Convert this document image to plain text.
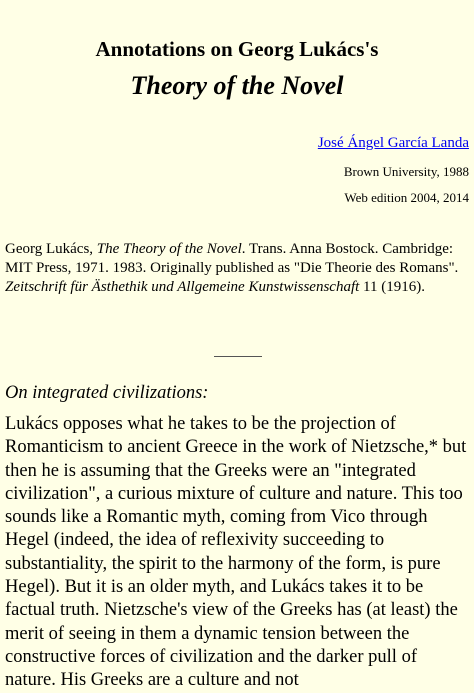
Annotations on Georg Lukács's
Theory of the Novel
José Ángel García Landa
Brown University, 1988
Web edition 2004, 2014
Georg Lukács, The Theory of the Novel. Trans. Anna Bostock. Cambridge: MIT Press, 1971. 1983. Originally published as "Die Theorie des Romans". Zeitschrift für Ästhethik und Allgemeine Kunstwissenschaft 11 (1916).
On integrated civilizations:
Lukács opposes what he takes to be the projection of Romanticism to ancient Greece in the work of Nietzsche,* but then he is assuming that the Greeks were an "integrated civilization", a curious mixture of culture and nature. This too sounds like a Romantic myth, coming from Vico through Hegel (indeed, the idea of reflexivity succeeding to substantiality, the spirit to the harmony of the form, is pure Hegel). But it is an older myth, and Lukács takes it to be factual truth. Nietzsche's view of the Greeks has (at least) the merit of seeing in them a dynamic tension between the constructive forces of civilization and the darker pull of nature. His Greeks are a culture and not
